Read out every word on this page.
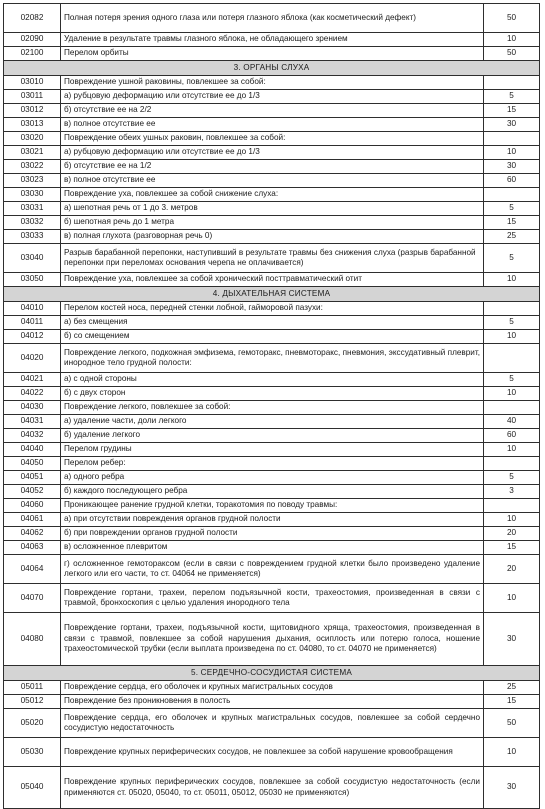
02082	Полная потеря зрения одного глаза или потеря глазного яблока (как косметический дефект)	50
02090	Удаление в результате травмы глазного яблока, не обладающего зрением	10
02100	Перелом орбиты	50
3. ОРГАНЫ СЛУХА		
03010	Повреждение ушной раковины, повлекшее за собой:	
03011	а) рубцовую деформацию или отсутствие ее до 1/3	5
03012	б) отсутствие ее на 2/2	15
03013	в) полное отсутствие ее	30
03020	Повреждение обеих ушных раковин, повлекшее за собой:	
03021	а) рубцовую деформацию или отсутствие ее до 1/3	10
03022	б) отсутствие ее на 1/2	30
03023	в) полное отсутствие ее	60
03030	Повреждение уха, повлекшее за собой снижение слуха:	
03031	а) шепотная речь от 1 до 3. метров	5
03032	б) шепотная речь до 1 метра	15
03033	в) полная глухота (разговорная речь 0)	25
03040	Разрыв барабанной перепонки, наступивший в результате травмы без снижения слуха (разрыв барабанной перепонки при переломах основания черепа не оплачивается)	5
03050	Повреждение уха, повлекшее за собой хронический посттравматический отит	10
4. ДЫХАТЕЛЬНАЯ СИСТЕМА		
04010	Перелом костей носа, передней стенки лобной, гайморовой пазухи:	
04011	а) без смещения	5
04012	б) со смещением	10
04020	Повреждение легкого, подкожная эмфизема, гемоторакс, пневмоторакс, пневмония, экссудативный плеврит, инородное тело грудной полости:	
04021	а) с одной стороны	5
04022	б) с двух сторон	10
04030	Повреждение легкого, повлекшее за собой:	
04031	а) удаление части, доли легкого	40
04032	б) удаление легкого	60
04040	Перелом грудины	10
04050	Перелом ребер:	
04051	а) одного ребра	5
04052	б) каждого последующего ребра	3
04060	Проникающее ранение грудной клетки, торакотомия по поводу травмы:	
04061	а) при отсутствии повреждения органов грудной полости	10
04062	б) при повреждении органов грудной полости	20
04063	в) осложненное плевритом	15
04064	г) осложненное гемотораксом (если в связи с повреждением грудной клетки было произведено удаление легкого или его части, то ст. 04064 не применяется)	20
04070	Повреждение гортани, трахеи, перелом подъязычной кости, трахеостомия, произведенная в связи с травмой, бронхоскопия с целью удаления инородного тела	10
04080	Повреждение гортани, трахеи, подъязычной кости, щитовидного хряща, трахеостомия, произведенная в связи с травмой, повлекшее за собой нарушения дыхания, осиплость или потерю голоса, ношение трахеостомической трубки (если выплата произведена по ст. 04080, то ст. 04070 не применяется)	30
5. СЕРДЕЧНО-СОСУДИСТАЯ СИСТЕМА		
05011	Повреждение сердца, его оболочек и крупных магистральных сосудов	25
05012	Повреждение без проникновения в полость	15
05020	Повреждение сердца, его оболочек и крупных магистральных сосудов, повлекшее за собой сердечно сосудистую недостаточность	50
05030	Повреждение крупных периферических сосудов, не повлекшее за собой нарушение кровообращения	10
05040	Повреждение крупных периферических сосудов, повлекшее за собой сосудистую недостаточность (если применяются ст. 05020, 05040, то ст. 05011, 05012, 05030 не применяются)	30
